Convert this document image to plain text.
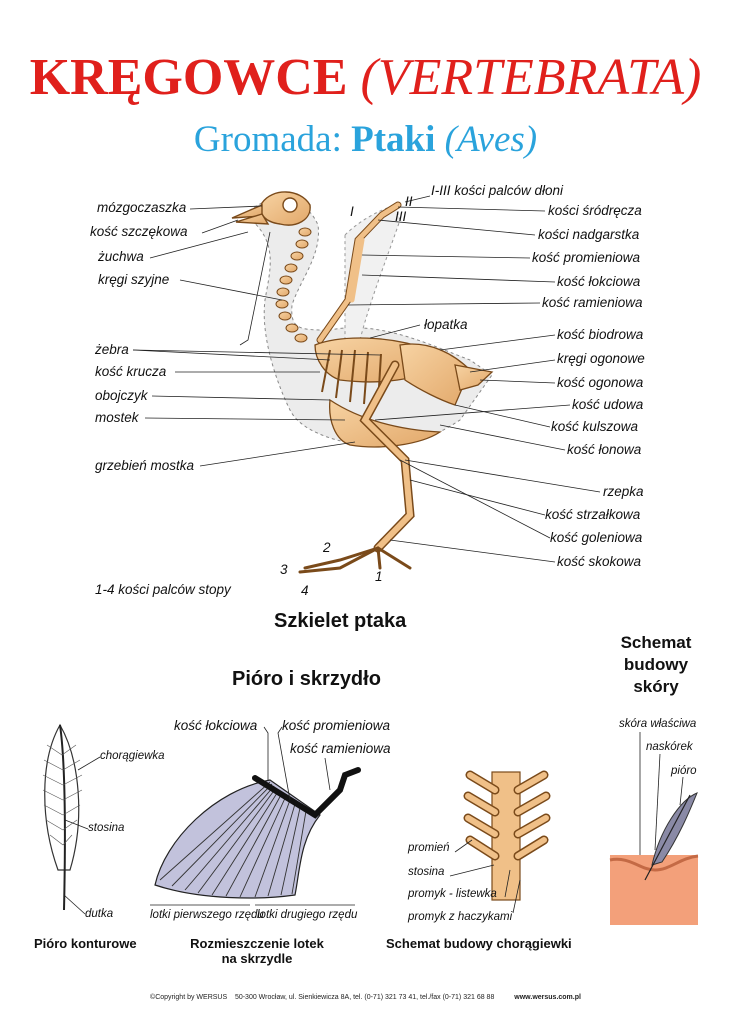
KRĘGOWCE (VERTEBRATA)
Gromada: Ptaki (Aves)
mózgoczaszka
kość szczękowa
żuchwa
kręgi szyjne
żebra
kość krucza
obojczyk
mostek
grzebień mostka
I-III kości palców dłoni
I
II
III
łopatka
kości śródręcza
kości nadgarstka
kość promieniowa
kość łokciowa
kość ramieniowa
kość biodrowa
kręgi ogonowe
kość ogonowa
kość udowa
kość kulszowa
kość łonowa
rzepka
kość strzałkowa
kość goleniowa
kość skokowa
1
2
3
4
1-4 kości palców stopy
Szkielet ptaka
Pióro i skrzydło
chorągiewka
stosina
dutka
Pióro konturowe
kość łokciowa kość promieniowa
kość ramieniowa
lotki pierwszego rzędu
lotki drugiego rzędu
Rozmieszczenie lotek
na skrzydle
promień
stosina
promyk - listewka
promyk z haczykami
Schemat budowy chorągiewki
Schemat
budowy
skóry
skóra właściwa
naskórek
pióro
©Copyright by WERSUS 50-300 Wrocław, ul. Sienkiewicza 8A, tel. (0-71) 321 73 41, tel./fax (0-71) 321 68 88	www.wersus.com.pl
